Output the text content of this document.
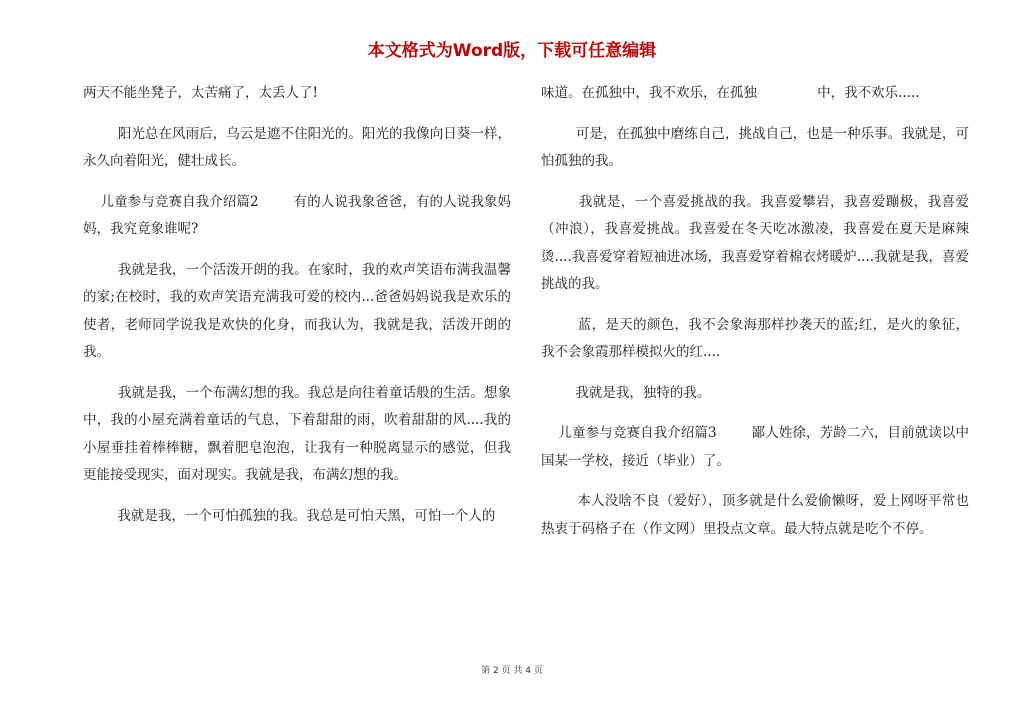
本文格式为Word版，下载可任意编辑

两天不能坐凳子，太苦痛了，太丢人了!

阳光总在风雨后，乌云是遮不住阳光的。阳光的我像向日葵一样，永久向着阳光，健壮成长。

儿童参与竞赛自我介绍篇2        有的人说我象爸爸，有的人说我象妈妈，我究竟象谁呢?

我就是我，一个活泼开朗的我。在家时，我的欢声笑语布满我温馨的家;在校时，我的欢声笑语充满我可爱的校内...爸爸妈妈说我是欢乐的使者，老师同学说我是欢快的化身，而我认为，我就是我，活泼开朗的我。

我就是我，一个布满幻想的我。我总是向往着童话般的生活。想象中，我的小屋充满着童话的气息，下着甜甜的雨，吹着甜甜的风....我的小屋垂挂着棒棒糖，飘着肥皂泡泡，让我有一种脱离显示的感觉，但我更能接受现实，面对现实。我就是我，布满幻想的我。

我就是我，一个可怕孤独的我。我总是可怕天黑，可怕一个人的

味道。在孤独中，我不欢乐，在孤独              中，我不欢乐.....

可是，在孤独中磨练自己，挑战自己，也是一种乐事。我就是，可怕孤独的我。

我就是，一个喜爱挑战的我。我喜爱攀岩，我喜爱蹦极，我喜爱（冲浪），我喜爱挑战。我喜爱在冬天吃冰激凌，我喜爱在夏天是麻辣烫....我喜爱穿着短袖进冰场，我喜爱穿着棉衣烤暖炉....我就是我，喜爱挑战的我。

蓝，是天的颜色，我不会象海那样抄袭天的蓝;红，是火的象征，我不会象霞那样模拟火的红....

我就是我，独特的我。

儿童参与竞赛自我介绍篇3        鄙人姓徐，芳龄二六，目前就读以中国某一学校，接近（毕业）了。

本人没啥不良（爱好），顶多就是什么爱偷懒呀，爱上网呀平常也热衷于码格子在（作文网）里投点文章。最大特点就是吃个不停。

第 2 页 共 4 页
